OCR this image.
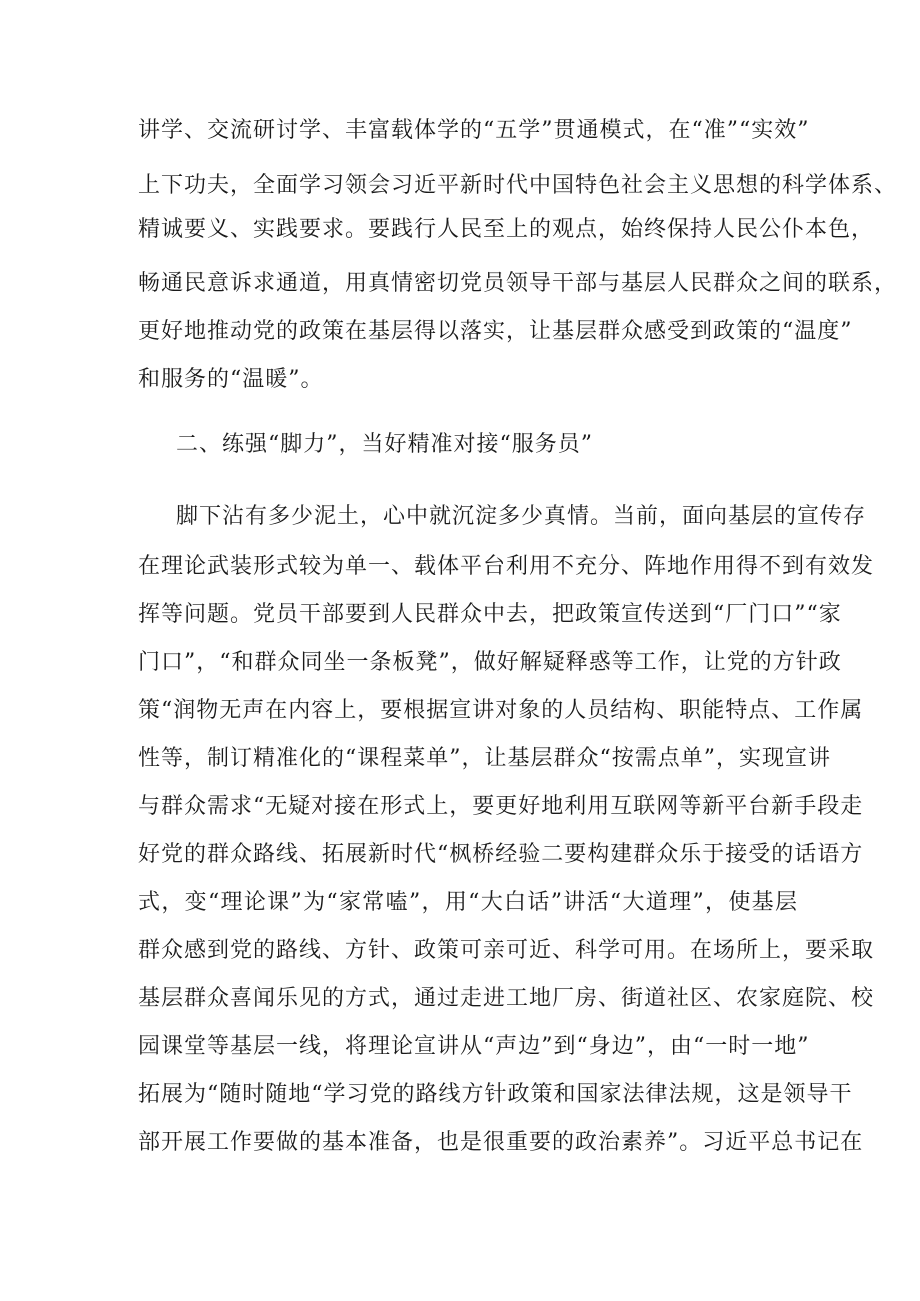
讲学、交流研讨学、丰富载体学的“五学”贯通模式，在“准”“实效”
上下功夫，全面学习领会习近平新时代中国特色社会主义思想的科学体系、
精诚要义、实践要求。要践行人民至上的观点，始终保持人民公仆本色，
畅通民意诉求通道，用真情密切党员领导干部与基层人民群众之间的联系，
更好地推动党的政策在基层得以落实，让基层群众感受到政策的“温度”
和服务的“温暖”。
二、练强“脚力”，当好精准对接“服务员”
脚下沾有多少泥土，心中就沉淀多少真情。当前，面向基层的宣传存
在理论武装形式较为单一、载体平台利用不充分、阵地作用得不到有效发
挥等问题。党员干部要到人民群众中去，把政策宣传送到“厂门口”“家
门口”，“和群众同坐一条板凳”，做好解疑释惑等工作，让党的方针政
策“润物无声在内容上，要根据宣讲对象的人员结构、职能特点、工作属
性等，制订精准化的“课程菜单”，让基层群众“按需点单”，实现宣讲
与群众需求“无疑对接在形式上，要更好地利用互联网等新平台新手段走
好党的群众路线、拓展新时代“枫桥经验二要构建群众乐于接受的话语方
式，变“理论课”为“家常嗑”，用“大白话”讲活“大道理”，使基层
群众感到党的路线、方针、政策可亲可近、科学可用。在场所上，要采取
基层群众喜闻乐见的方式，通过走进工地厂房、街道社区、农家庭院、校
园课堂等基层一线，将理论宣讲从“声边”到“身边”，由“一时一地”
拓展为“随时随地“学习党的路线方针政策和国家法律法规，这是领导干
部开展工作要做的基本准备，也是很重要的政治素养”。习近平总书记在
